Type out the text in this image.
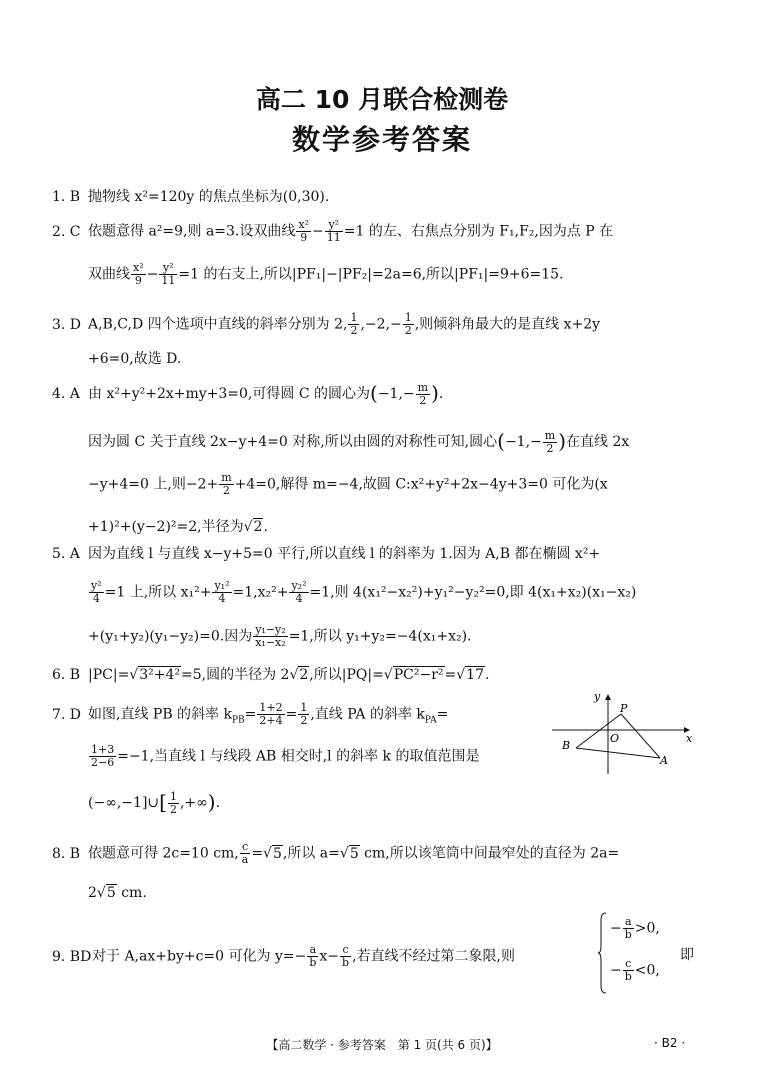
高二 10 月联合检测卷
数学参考答案
1. B 抛物线 x²=120y 的焦点坐标为(0,30).
2. C 依题意得 a²=9,则 a=3.设双曲线 $\frac{\text{x²}}{9} - \frac{\text{y²}}{11} =1$ 的左、右焦点分别为 F₁,F₂,因为点 P 在
双曲线 $\frac{\text{x²}}{9} - \frac{\text{y²}}{11} =1$ 的右支上,所以|PF₁|−|PF₂|=2a=6,所以|PF₁|=9+6=15.
3. D A,B,C,D 四个选项中直线的斜率分别为 2, $\frac{1}{2} ,-2,- \frac{1}{2}$ ,则倾斜角最大的是直线 x+2y
+6=0,故选 D.
4. A 由 x²+y²+2x+my+3=0,可得圆 C 的圆心为($-1,- \frac{m}{2}$ ).
因为圆 C 关于直线 2x−y+4=0 对称,所以由圆的对称性可知,圆心($-1,- \frac{m}{2}$ )在直线 2x
−y+4=0 上,则$-2+ \frac{m}{2} +4=0$,解得 m=−4,故圆 C:x²+y²+2x−4y+3=0 可化为(x
+1)²+(y−2)²=2,半径为√2.
5. A 因为直线 l 与直线 x−y+5=0 平行,所以直线 l 的斜率为 1.因为 A,B 都在椭圆 x²+
$\frac{\text{y²}}{4} =1$ 上,所以 $x_1^2+ \frac{\text{y₁²}}{4} =1,x_2^2+ \frac{\text{y₂²}}{4} =1$,则 4(x₁²−x₂²)+y₁²−y₂²=0,即 4(x₁+x₂)(x₁−x₂)
+(y₁+y₂)(y₁−y₂)=0.因为 $\frac{\text{y₁−y₂}}{\text{x₁−x₂}} =1$,所以 y₁+y₂=−4(x₁+x₂).
6. B |PC|=√3²+4²=5,圆的半径为 2√2,所以|PQ|=√PC²−r²=√17.
7. D 如图,直线 PB 的斜率 $k_{PB}= \frac{1+2}{2+4} = \frac{1}{2}$ ,直线 PA 的斜率 $k_{PA}=$
$\frac{1+3}{2-6} =-1$,当直线 l 与线段 AB 相交时,l 的斜率 k 的取值范围是
(−∞,−1]∪[ $\frac{1}{2}$ ,+∞).
y
x
P
O
B
A
8. B 依题意可得 2c=10 cm, $\frac{c}{a} =√5$,所以 a=√5 cm,所以该笔筒中间最窄处的直径为 2a=
2√5 cm.
9. BD对于 A,ax+by+c=0 可化为 $y=- \frac{a}{b} x- \frac{c}{b}$ ,若直线不经过第二象限,则
− $\frac{a}{b} >0$,
− $\frac{c}{b} <0$,
即
【高二数学 · 参考答案　第 1 页(共 6 页)】	· B2 ·
